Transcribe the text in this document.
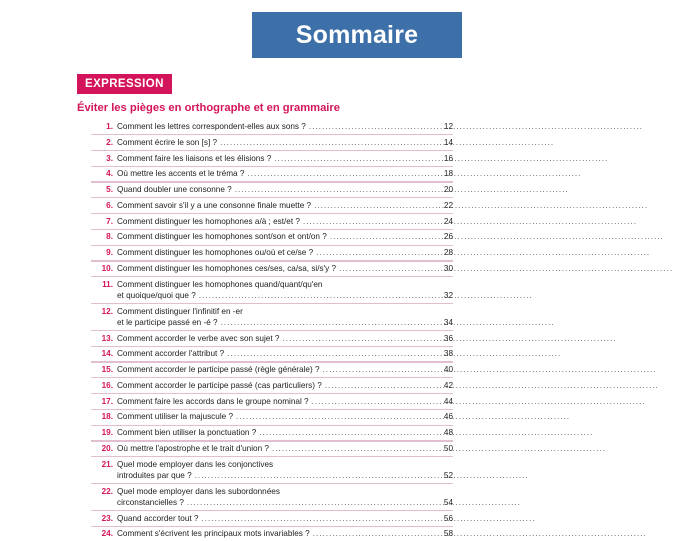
Sommaire
EXPRESSION
Éviter les pièges en orthographe et en grammaire
1. Comment les lettres correspondent-elles aux sons ? .....	12
2. Comment écrire le son [s] ? .....	14
3. Comment faire les liaisons et les élisions ? .....	16
4. Où mettre les accents et le tréma ? .....	18
5. Quand doubler une consonne ? .....	20
6. Comment savoir s'il y a une consonne finale muette ? .....	22
7. Comment distinguer les homophones a/à ; est/et ? .....	24
8. Comment distinguer les homophones sont/son et ont/on ? .....	26
9. Comment distinguer les homophones ou/où et ce/se ? .....	28
10. Comment distinguer les homophones ces/ses, ca/sa, si/s'y ? .....	30
11. Comment distinguer les homophones quand/quant/qu'en
et quoique/quoi que ? .....	32
12. Comment distinguer l'infinitif en -er
et le participe passé en -é ? .....	34
13. Comment accorder le verbe avec son sujet ? .....	36
14. Comment accorder l'attribut ? .....	38
15. Comment accorder le participe passé (règle générale) ? .....	40
16. Comment accorder le participe passé (cas particuliers) ? .....	42
17. Comment faire les accords dans le groupe nominal ? .....	44
18. Comment utiliser la majuscule ? .....	46
19. Comment bien utiliser la ponctuation ? .....	48
20. Où mettre l'apostrophe et le trait d'union ? .....	50
21. Quel mode employer dans les conjonctives
introduites par que ? .....	52
22. Quel mode employer dans les subordonnées
circonstancielles ? .....	54
23. Quand accorder tout ? .....	56
24. Comment s'écrivent les principaux mots invariables ? .....	58
